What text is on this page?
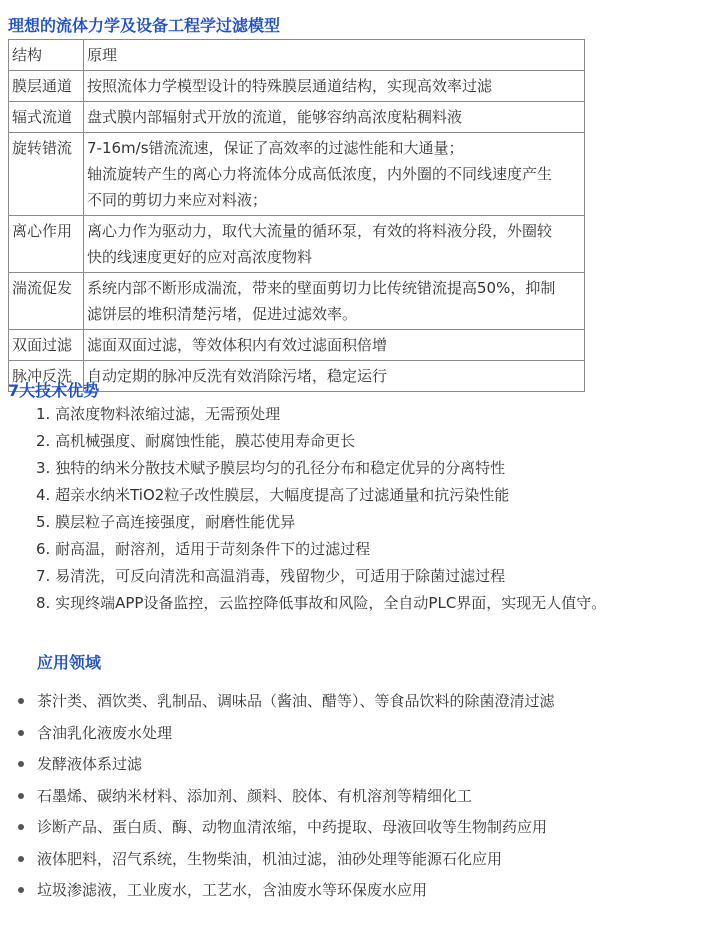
理想的流体力学及设备工程学过滤模型
结构	原理
膜层通道	按照流体力学模型设计的特殊膜层通道结构，实现高效率过滤

辐式流道	盘式膜内部辐射式开放的流道，能够容纳高浓度粘稠料液

旋转错流	7-16m/s错流流速，保证了高效率的过滤性能和大通量；
轴流旋转产生的离心力将流体分成高低浓度，内外圈的不同线速度产生
不同的剪切力来应对料液；

离心作用	离心力作为驱动力，取代大流量的循环泵，有效的将料液分段，外圈较
快的线速度更好的应对高浓度物料

湍流促发	系统内部不断形成湍流，带来的壁面剪切力比传统错流提高50%，抑制
滤饼层的堆积清楚污堵，促进过滤效率。

双面过滤	滤面双面过滤，等效体积内有效过滤面积倍增

脉冲反洗	自动定期的脉冲反洗有效消除污堵，稳定运行
7大技术优势
1. 高浓度物料浓缩过滤，无需预处理
2. 高机械强度、耐腐蚀性能，膜芯使用寿命更长
3. 独特的纳米分散技术赋予膜层均匀的孔径分布和稳定优异的分离特性
4. 超亲水纳米TiO2粒子改性膜层，大幅度提高了过滤通量和抗污染性能
5. 膜层粒子高连接强度，耐磨性能优异
6. 耐高温，耐溶剂，适用于苛刻条件下的过滤过程
7. 易清洗，可反向清洗和高温消毒，残留物少，可适用于除菌过滤过程
8. 实现终端APP设备监控，云监控降低事故和风险，全自动PLC界面，实现无人值守。
应用领域
茶汁类、酒饮类、乳制品、调味品（酱油、醋等）、等食品饮料的除菌澄清过滤
含油乳化液废水处理
发酵液体系过滤
石墨烯、碳纳米材料、添加剂、颜料、胶体、有机溶剂等精细化工
诊断产品、蛋白质、酶、动物血清浓缩，中药提取、母液回收等生物制药应用
液体肥料，沼气系统，生物柴油，机油过滤，油砂处理等能源石化应用
垃圾渗滤液，工业废水，工艺水，含油废水等环保废水应用
